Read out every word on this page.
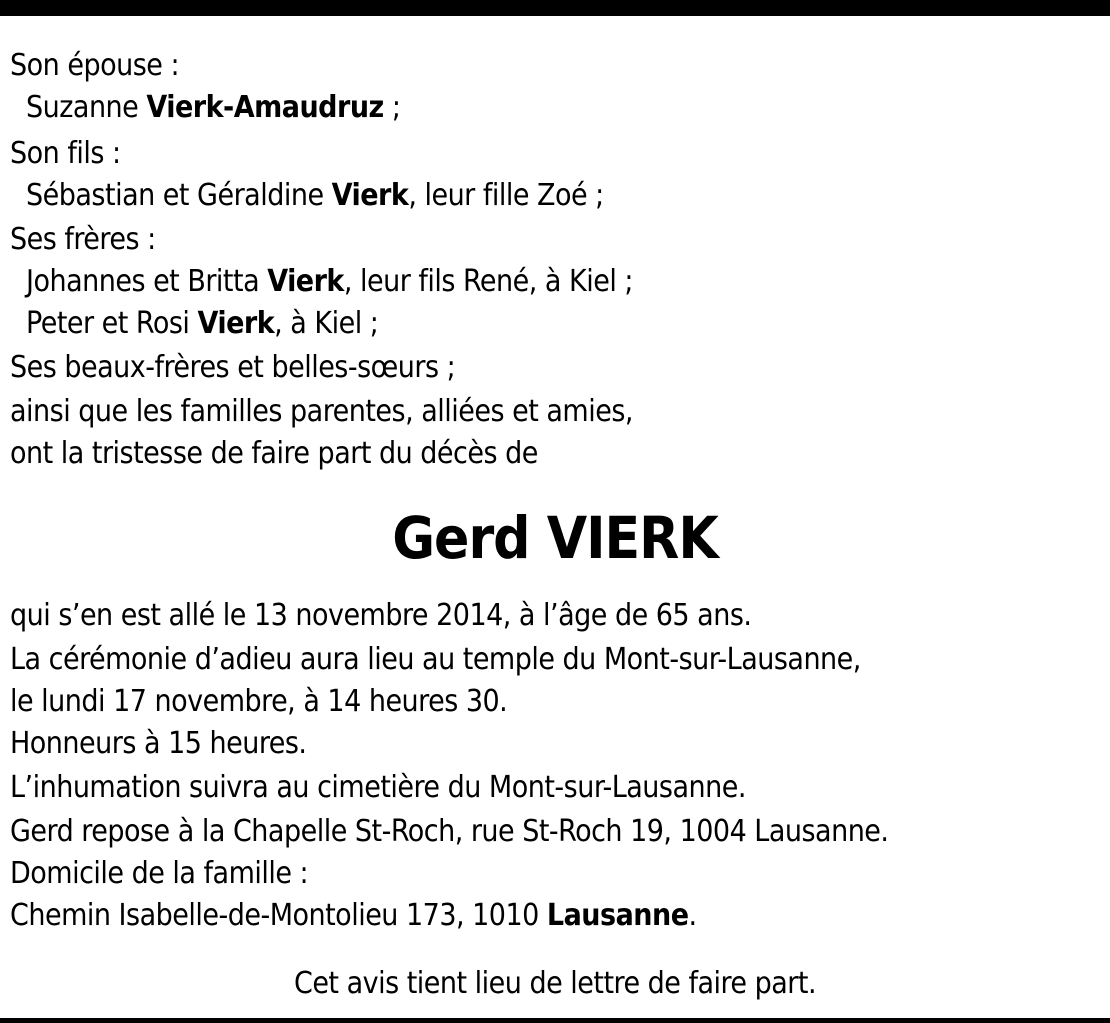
Son épouse :
Suzanne Vierk-Amaudruz ;
Son fils :
Sébastian et Géraldine Vierk, leur fille Zoé ;
Ses frères :
Johannes et Britta Vierk, leur fils René, à Kiel ;
Peter et Rosi Vierk, à Kiel ;
Ses beaux-frères et belles-sœurs ;
ainsi que les familles parentes, alliées et amies,
ont la tristesse de faire part du décès de
Gerd VIERK
qui s’en est allé le 13 novembre 2014, à l’âge de 65 ans.
La cérémonie d’adieu aura lieu au temple du Mont-sur-Lausanne,
le lundi 17 novembre, à 14 heures 30.
Honneurs à 15 heures.
L’inhumation suivra au cimetière du Mont-sur-Lausanne.
Gerd repose à la Chapelle St-Roch, rue St-Roch 19, 1004 Lausanne.
Domicile de la famille :
Chemin Isabelle-de-Montolieu 173, 1010 Lausanne.
Cet avis tient lieu de lettre de faire part.
